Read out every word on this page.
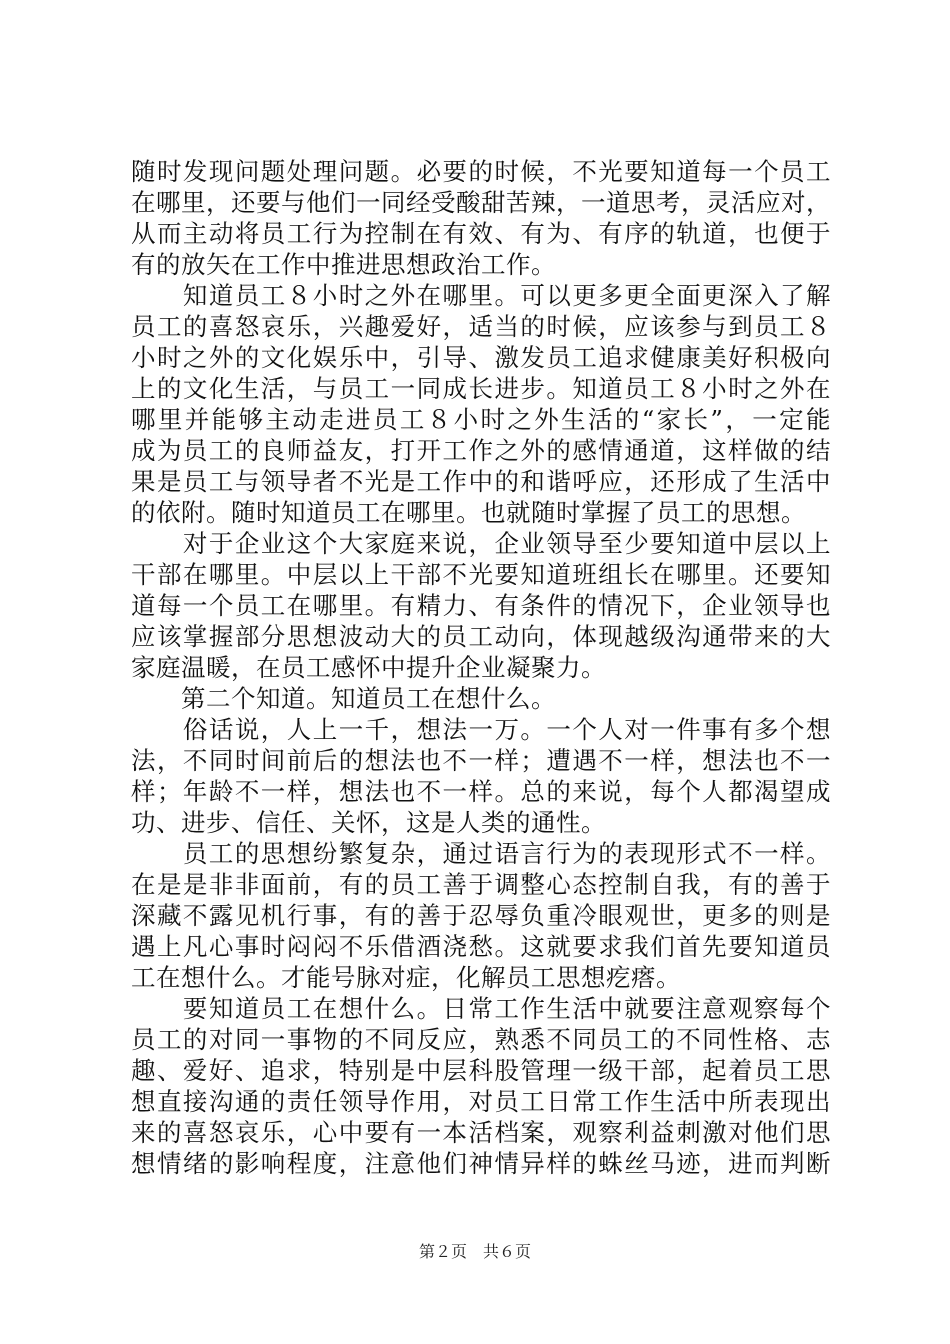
随时发现问题处理问题。必要的时候，不光要知道每一个员工
在哪里，还要与他们一同经受酸甜苦辣，一道思考，灵活应对，
从而主动将员工行为控制在有效、有为、有序的轨道，也便于
有的放矢在工作中推进思想政治工作。
　　知道员工８小时之外在哪里。可以更多更全面更深入了解
员工的喜怒哀乐，兴趣爱好，适当的时候，应该参与到员工８
小时之外的文化娱乐中，引导、激发员工追求健康美好积极向
上的文化生活，与员工一同成长进步。知道员工８小时之外在
哪里并能够主动走进员工８小时之外生活的“家长”，一定能
成为员工的良师益友，打开工作之外的感情通道，这样做的结
果是员工与领导者不光是工作中的和谐呼应，还形成了生活中
的依附。随时知道员工在哪里。也就随时掌握了员工的思想。
　　对于企业这个大家庭来说，企业领导至少要知道中层以上
干部在哪里。中层以上干部不光要知道班组长在哪里。还要知
道每一个员工在哪里。有精力、有条件的情况下，企业领导也
应该掌握部分思想波动大的员工动向，体现越级沟通带来的大
家庭温暖，在员工感怀中提升企业凝聚力。
　　第二个知道。知道员工在想什么。
　　俗话说，人上一千，想法一万。一个人对一件事有多个想
法，不同时间前后的想法也不一样；遭遇不一样，想法也不一
样；年龄不一样，想法也不一样。总的来说，每个人都渴望成
功、进步、信任、关怀，这是人类的通性。
　　员工的思想纷繁复杂，通过语言行为的表现形式不一样。
在是是非非面前，有的员工善于调整心态控制自我，有的善于
深藏不露见机行事，有的善于忍辱负重冷眼观世，更多的则是
遇上凡心事时闷闷不乐借酒浇愁。这就要求我们首先要知道员
工在想什么。才能号脉对症，化解员工思想疙瘩。
　　要知道员工在想什么。日常工作生活中就要注意观察每个
员工的对同一事物的不同反应，熟悉不同员工的不同性格、志
趣、爱好、追求，特别是中层科股管理一级干部，起着员工思
想直接沟通的责任领导作用，对员工日常工作生活中所表现出
来的喜怒哀乐，心中要有一本活档案，观察利益刺激对他们思
想情绪的影响程度，注意他们神情异样的蛛丝马迹，进而判断
第２页　共６页
